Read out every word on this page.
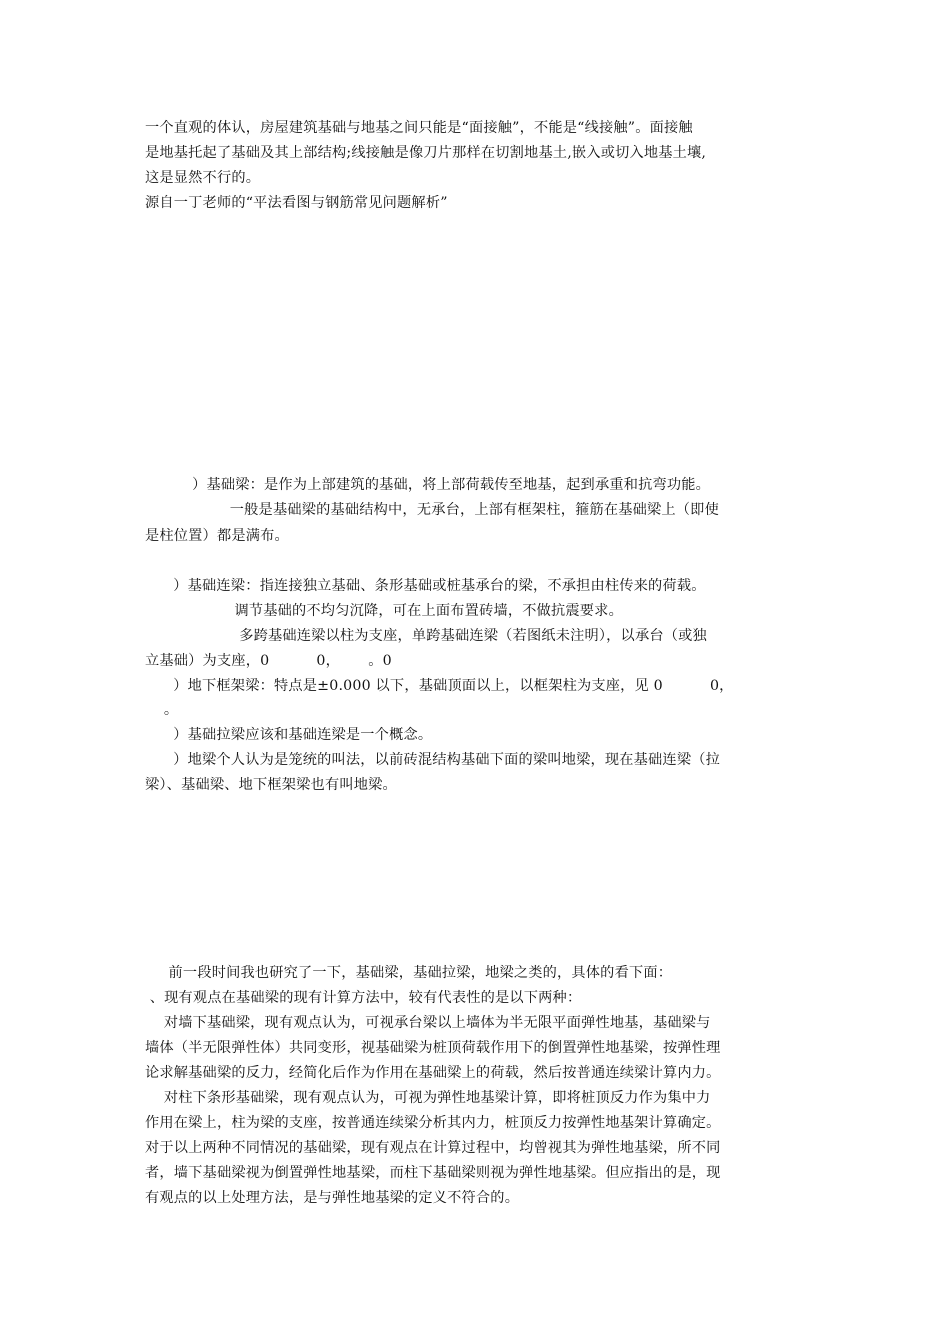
一个直观的体认，房屋建筑基础与地基之间只能是“面接触”，不能是“线接触”。面接触
是地基托起了基础及其上部结构;线接触是像刀片那样在切割地基土,嵌入或切入地基土壤,
这是显然不行的。
源自一丁老师的“平法看图与钢筋常见问题解析”
）基础梁：是作为上部建筑的基础，将上部荷载传至地基，起到承重和抗弯功能。
一般是基础梁的基础结构中，无承台，上部有框架柱，箍筋在基础梁上（即使
是柱位置）都是满布。
）基础连梁：指连接独立基础、条形基础或桩基承台的梁，不承担由柱传来的荷载。
调节基础的不均匀沉降，可在上面布置砖墙，不做抗震要求。
多跨基础连梁以柱为支座，单跨基础连梁（若图纸未注明），以承台（或独
立基础）为支座，0          0，      。0
）地下框架梁：特点是±0.000 以下，基础顶面以上，以框架柱为支座，见 0          0，
。
）基础拉梁应该和基础连梁是一个概念。
）地梁个人认为是笼统的叫法，以前砖混结构基础下面的梁叫地梁，现在基础连梁（拉
梁）、基础梁、地下框架梁也有叫地梁。
前一段时间我也研究了一下，基础梁，基础拉梁，地梁之类的，具体的看下面：
、现有观点在基础梁的现有计算方法中，较有代表性的是以下两种：
对墙下基础梁，现有观点认为，可视承台梁以上墙体为半无限平面弹性地基，基础梁与
墙体（半无限弹性体）共同变形，视基础梁为桩顶荷载作用下的倒置弹性地基梁，按弹性理
论求解基础梁的反力，经简化后作为作用在基础梁上的荷载，然后按普通连续梁计算内力。
对柱下条形基础梁，现有观点认为，可视为弹性地基梁计算，即将桩顶反力作为集中力
作用在梁上，柱为梁的支座，按普通连续梁分析其内力，桩顶反力按弹性地基架计算确定。
对于以上两种不同情况的基础梁，现有观点在计算过程中，均曾视其为弹性地基梁，所不同
者，墙下基础梁视为倒置弹性地基梁，而柱下基础梁则视为弹性地基梁。但应指出的是，现
有观点的以上处理方法，是与弹性地基梁的定义不符合的。
